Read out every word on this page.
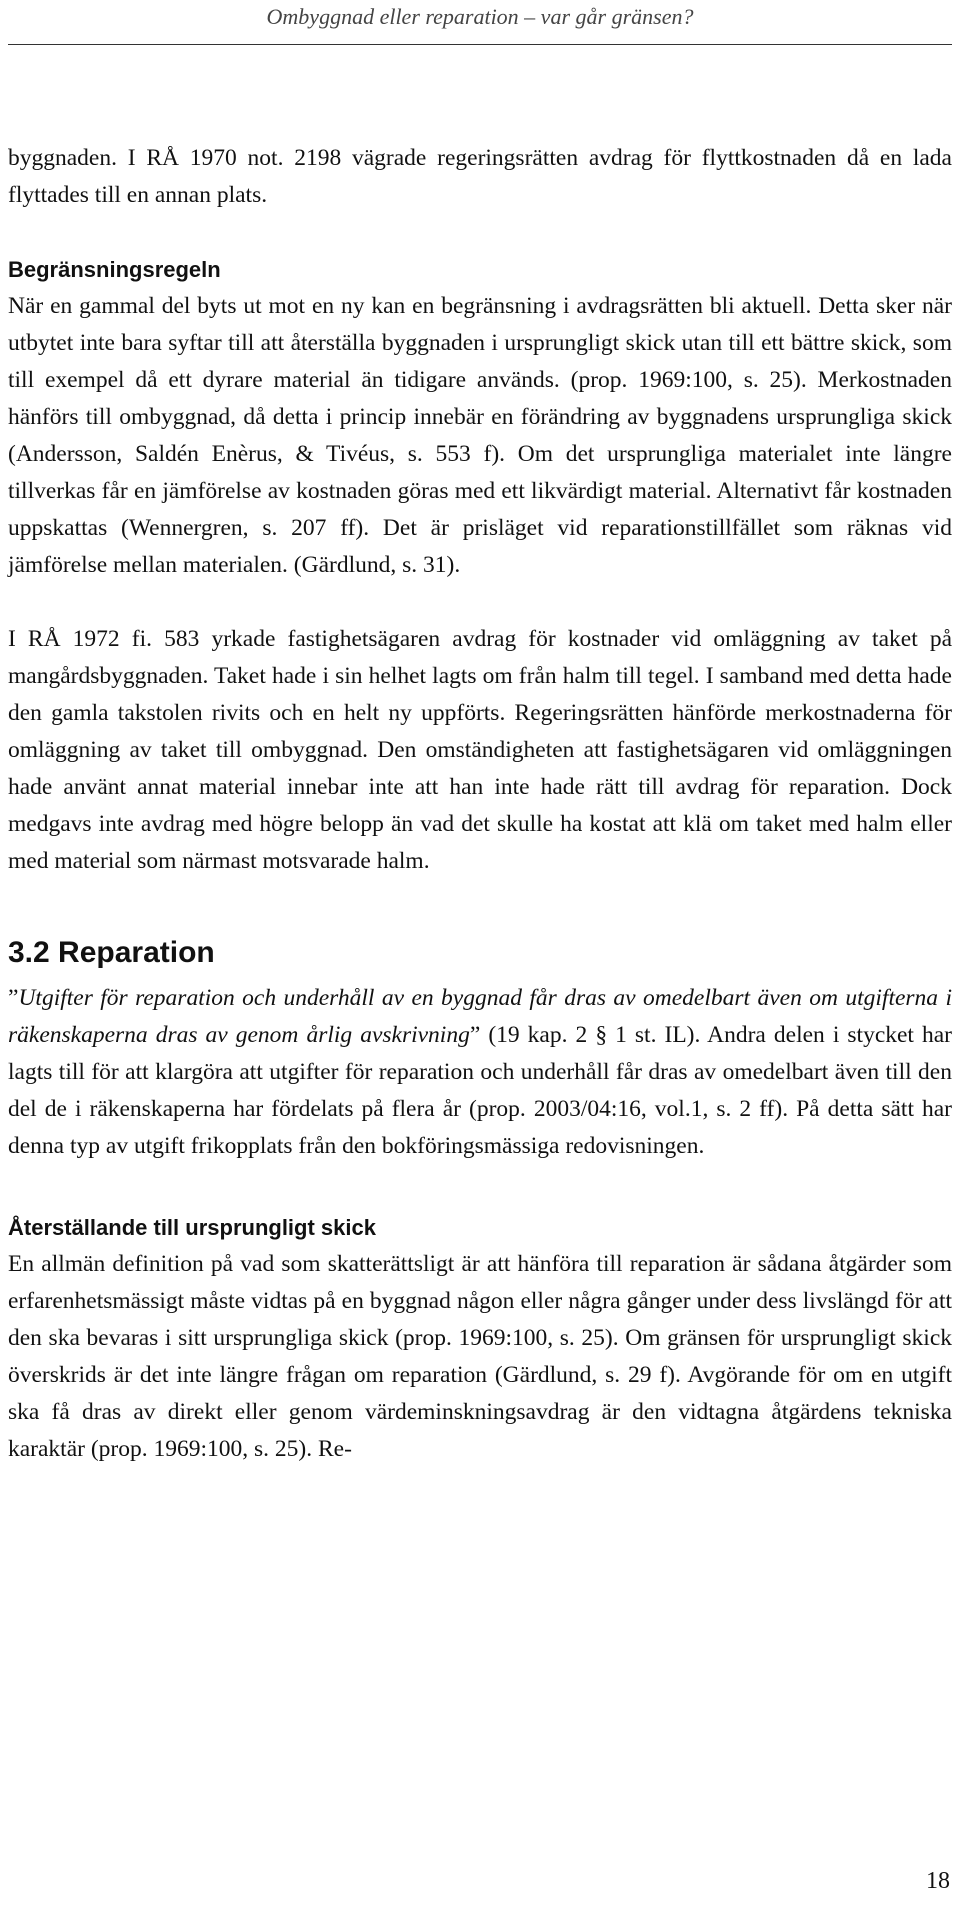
Ombyggnad eller reparation – var går gränsen?

byggnaden. I RÅ 1970 not. 2198 vägrade regeringsrätten avdrag för flyttkostnaden då en lada flyttades till en annan plats.

Begränsningsregeln

När en gammal del byts ut mot en ny kan en begränsning i avdragsrätten bli aktuell. Detta sker när utbytet inte bara syftar till att återställa byggnaden i ursprungligt skick utan till ett bättre skick, som till exempel då ett dyrare material än tidigare används. (prop. 1969:100, s. 25). Merkostnaden hänförs till ombyggnad, då detta i princip innebär en förändring av byggnadens ursprungliga skick (Andersson, Saldén Enèrus, & Tivéus, s. 553 f). Om det ursprungliga materialet inte längre tillverkas får en jämförelse av kostnaden göras med ett likvärdigt material. Alternativt får kostnaden uppskattas (Wennergren, s. 207 ff). Det är prisläget vid reparationstillfället som räknas vid jämförelse mellan materialen. (Gärdlund, s. 31).

I RÅ 1972 fi. 583 yrkade fastighetsägaren avdrag för kostnader vid omläggning av taket på mangårdsbyggnaden. Taket hade i sin helhet lagts om från halm till tegel. I samband med detta hade den gamla takstolen rivits och en helt ny uppförts. Regeringsrätten hänförde merkostnaderna för omläggning av taket till ombyggnad. Den omständigheten att fastighetsägaren vid omläggningen hade använt annat material innebar inte att han inte hade rätt till avdrag för reparation. Dock medgavs inte avdrag med högre belopp än vad det skulle ha kostat att klä om taket med halm eller med material som närmast motsvarade halm.

3.2 Reparation

”Utgifter för reparation och underhåll av en byggnad får dras av omedelbart även om utgifterna i räkenskaperna dras av genom årlig avskrivning” (19 kap. 2 § 1 st. IL). Andra delen i stycket har lagts till för att klargöra att utgifter för reparation och underhåll får dras av omedelbart även till den del de i räkenskaperna har fördelats på flera år (prop. 2003/04:16, vol.1, s. 2 ff). På detta sätt har denna typ av utgift frikopplats från den bokföringsmässiga redovisningen.

Återställande till ursprungligt skick

En allmän definition på vad som skatterättsligt är att hänföra till reparation är sådana åtgärder som erfarenhetsmässigt måste vidtas på en byggnad någon eller några gånger under dess livslängd för att den ska bevaras i sitt ursprungliga skick (prop. 1969:100, s. 25). Om gränsen för ursprungligt skick överskrids är det inte längre frågan om reparation (Gärdlund, s. 29 f). Avgörande för om en utgift ska få dras av direkt eller genom värdeminskningsavdrag är den vidtagna åtgärdens tekniska karaktär (prop. 1969:100, s. 25). Re-

18
